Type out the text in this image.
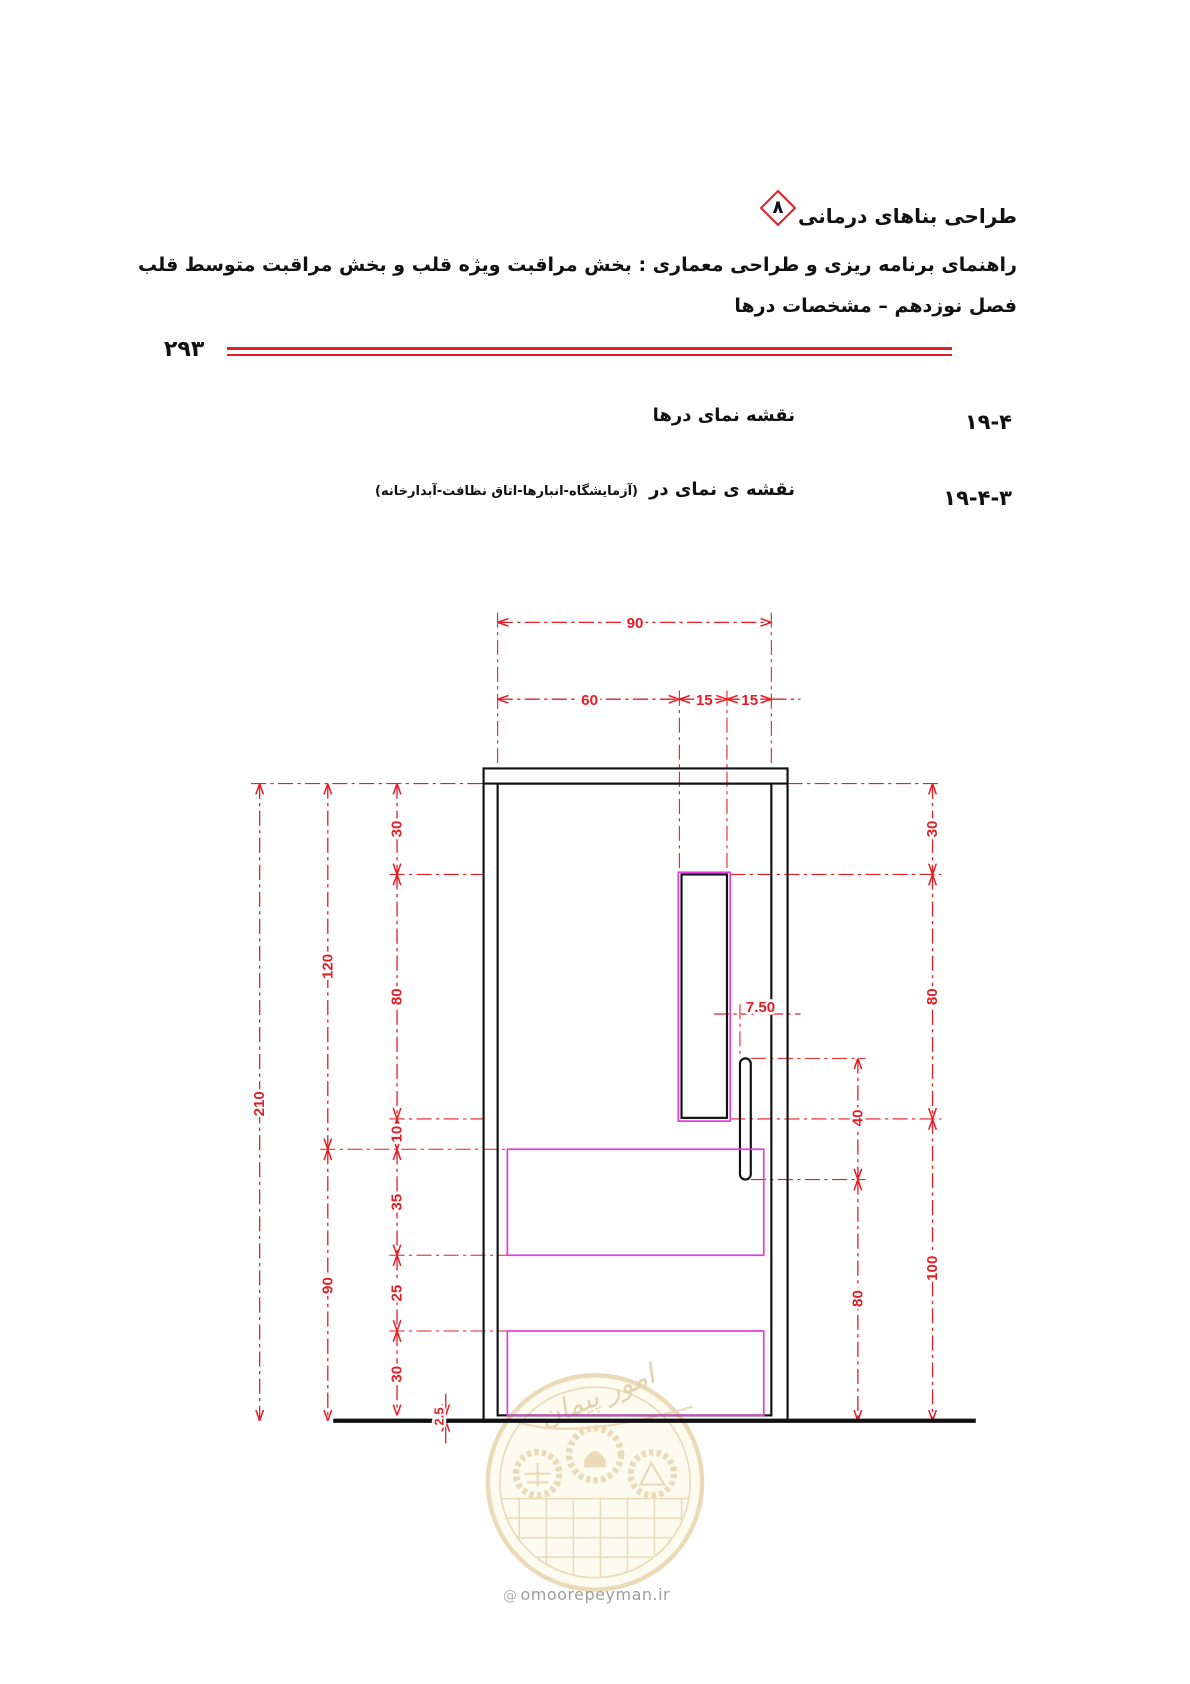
امور پیمان
90
60	15 15
210
120
90
30
80
10
35
25
30
2.5
30
80
100
40
80
7.50
طراحی بناهای درمانی
۸
راهنمای برنامه ریزی و طراحی معماری : بخش مراقبت ویژه قلب و بخش مراقبت متوسط قلب
فصل نوزدهم – مشخصات درها
۲۹۳
۱۹-۴
نقشه نمای درها
۱۹-۴-۳
نقشه ی نمای در
(آزمایشگاه-انبارها-اتاق نظافت-آبدارخانه)
@ omoorepeyman.ir
